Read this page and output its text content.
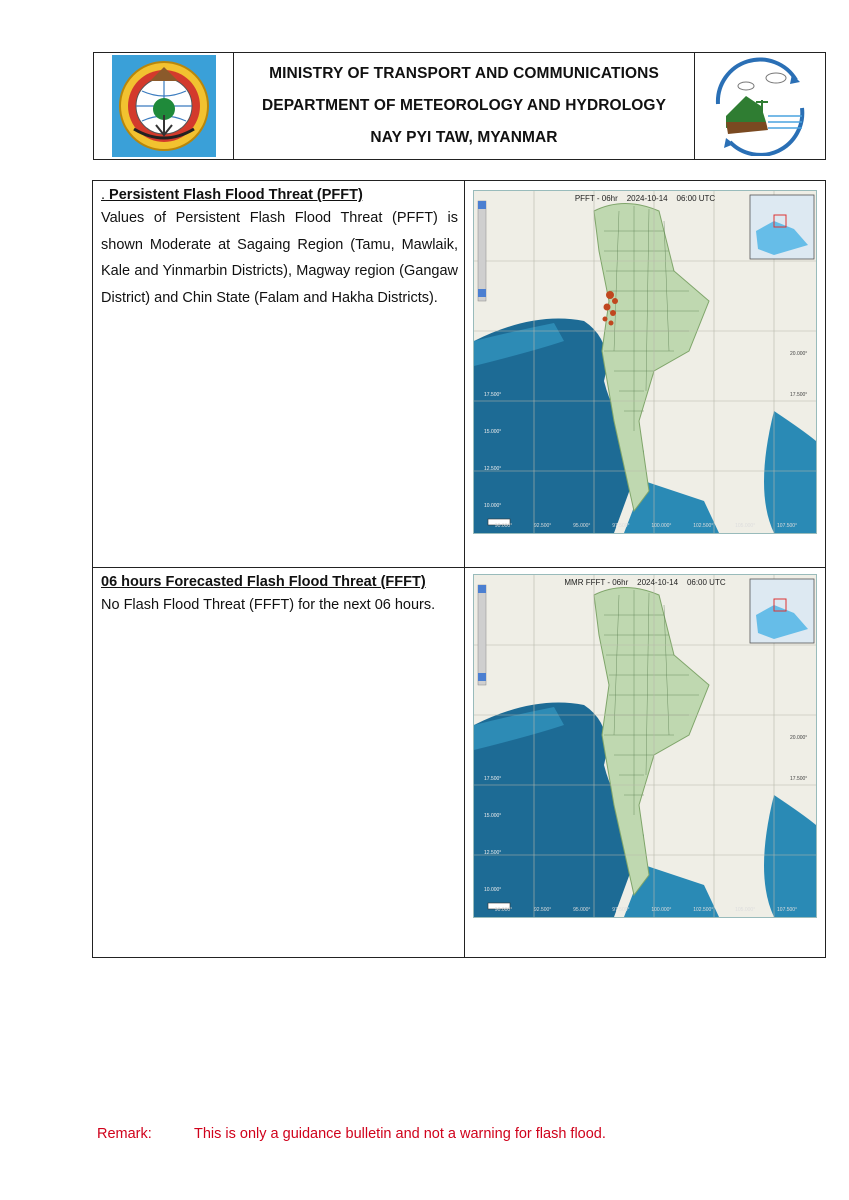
MINISTRY OF TRANSPORT AND COMMUNICATIONS
DEPARTMENT OF METEOROLOGY AND HYDROLOGY
NAY PYI TAW, MYANMAR
. Persistent Flash Flood Threat (PFFT)
Values of Persistent Flash Flood Threat (PFFT) is shown Moderate at Sagaing Region (Tamu, Mawlaik, Kale and Yinmarbin Districts), Magway region (Gangaw District) and Chin State (Falam and Hakha Districts).
PFFT - 06hr 2024-10-14 06:00 UTC
17.500°
15.000°
12.500°
10.000°
20.000°
17.500°
90.000°	92.500°	95.000°	97.500°	100.000°	102.500°	105.000°	107.500°
06 hours Forecasted Flash Flood Threat (FFFT)
No Flash Flood Threat (FFFT) for the next 06 hours.
MMR FFFT - 06hr 2024-10-14 06:00 UTC
17.500°
15.000°
12.500°
10.000°
20.000°
17.500°
90.000°	92.500°	95.000°	97.500°	100.000°	102.500°	105.000°	107.500°
Remark:	This is only a guidance bulletin and not a warning for flash flood.
